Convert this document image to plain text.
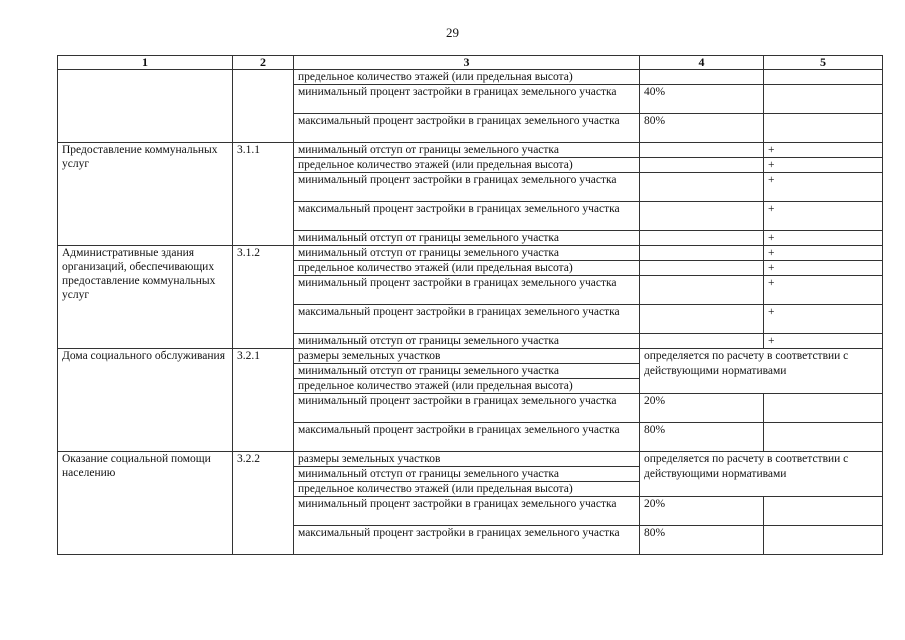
29
1	2	3	4	5
		предельное количество этажей (или предельная высота)		
		минимальный процент застройки в границах земельного участка	40%	
		максимальный процент застройки в границах земельного участка	80%	
Предоставление коммунальных услуг	3.1.1	минимальный отступ от границы земельного участка		+
		предельное количество этажей (или предельная высота)		+
		минимальный процент застройки в границах земельного участка		+
		максимальный процент застройки в границах земельного участка		+
		минимальный отступ от границы земельного участка		+
Административные здания организаций, обеспечивающих предоставление коммунальных услуг	3.1.2	минимальный отступ от границы земельного участка		+
		предельное количество этажей (или предельная высота)		+
		минимальный процент застройки в границах земельного участка		+
		максимальный процент застройки в границах земельного участка		+
		минимальный отступ от границы земельного участка		+
Дома социального обслуживания	3.2.1	размеры земельных участков	определяется по расчету в соответствии с действующими нормативами	
		минимальный отступ от границы земельного участка		
		предельное количество этажей (или предельная высота)		
		минимальный процент застройки в границах земельного участка	20%	
		максимальный процент застройки в границах земельного участка	80%	
Оказание социальной помощи населению	3.2.2	размеры земельных участков	определяется по расчету в соответствии с действующими нормативами	
		минимальный отступ от границы земельного участка		
		предельное количество этажей (или предельная высота)		
		минимальный процент застройки в границах земельного участка	20%	
		максимальный процент застройки в границах земельного участка	80%	
